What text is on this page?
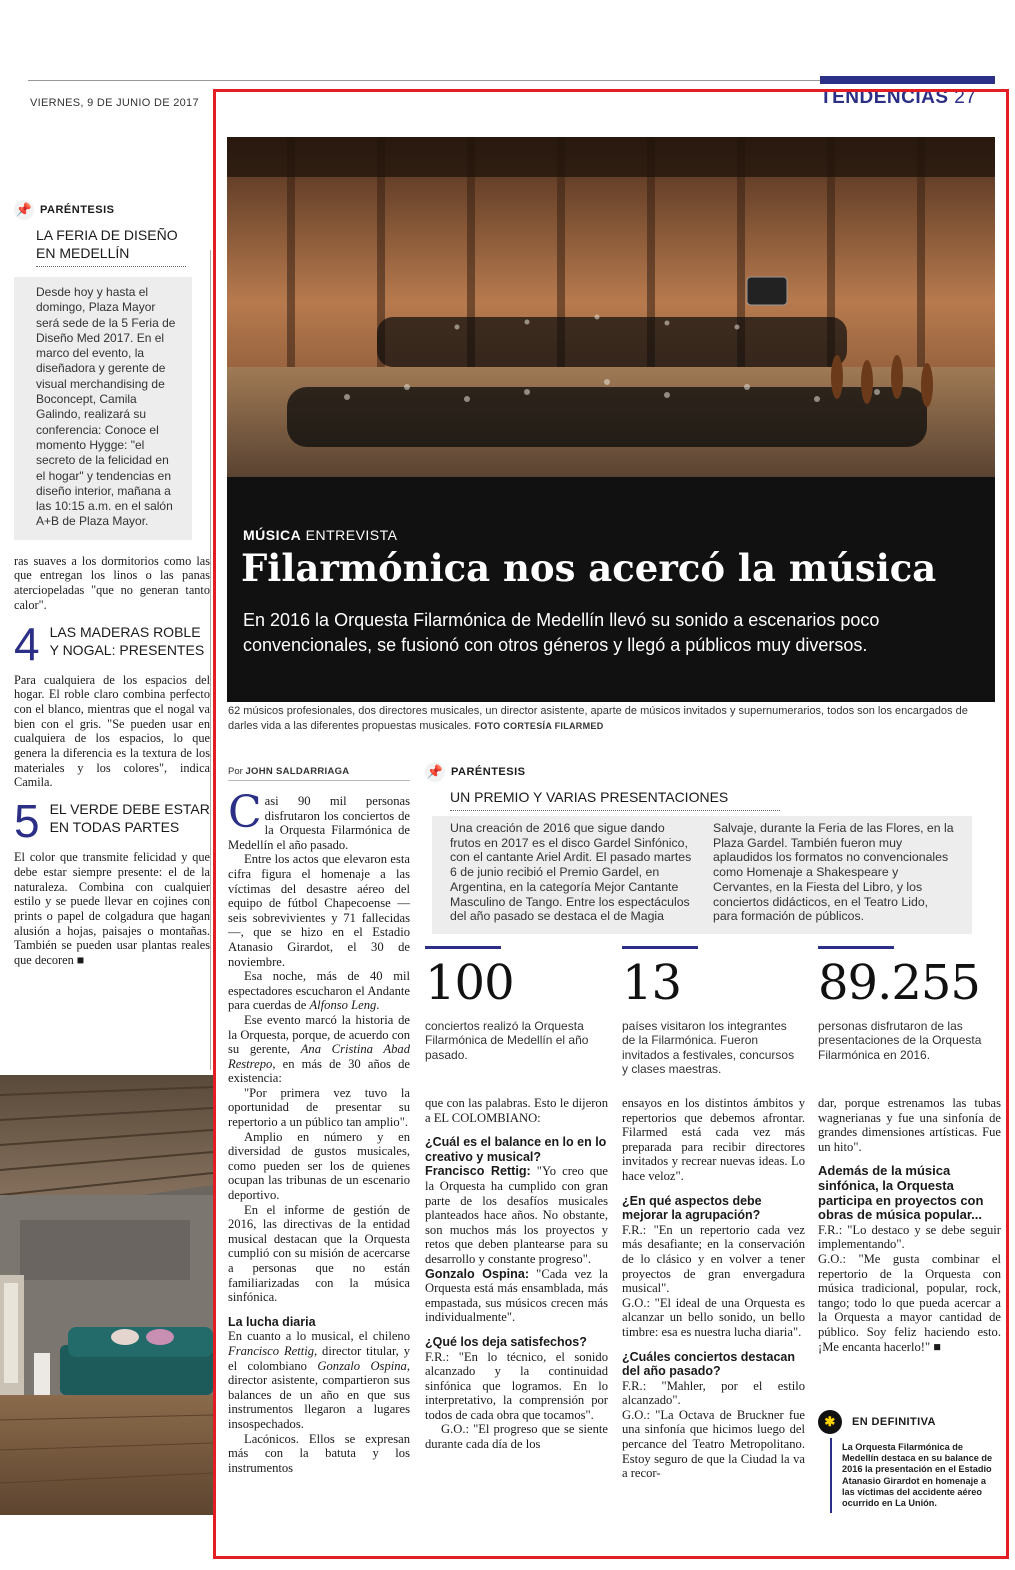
VIERNES, 9 DE JUNIO DE 2017	TENDENCIAS 27
📌 PARÉNTESIS
LA FERIA DE DISEÑO EN MEDELLÍN
Desde hoy y hasta el domingo, Plaza Mayor será sede de la 5 Feria de Diseño Med 2017. En el marco del evento, la diseñadora y gerente de visual merchandising de Boconcept, Camila Galindo, realizará su conferencia: Conoce el momento Hygge: "el secreto de la felicidad en el hogar" y tendencias en diseño interior, mañana a las 10:15 a.m. en el salón A+B de Plaza Mayor.
ras suaves a los dormitorios como las que entregan los linos o las panas aterciopeladas "que no generan tanto calor".
4 LAS MADERAS ROBLE Y NOGAL: PRESENTES
Para cualquiera de los espacios del hogar. El roble claro combina perfecto con el blanco, mientras que el nogal va bien con el gris. "Se pueden usar en cualquiera de los espacios, lo que genera la diferencia es la textura de los materiales y los colores", indica Camila.
5 EL VERDE DEBE ESTAR EN TODAS PARTES
El color que transmite felicidad y que debe estar siempre presente: el de la naturaleza. Combina con cualquier estilo y se puede llevar en cojines con prints o papel de colgadura que hagan alusión a hojas, paisajes o montañas. También se pueden usar plantas reales que decoren ■
MÚSICA ENTREVISTA
Filarmónica nos acercó la música
En 2016 la Orquesta Filarmónica de Medellín llevó su sonido a escenarios poco convencionales, se fusionó con otros géneros y llegó a públicos muy diversos.
62 músicos profesionales, dos directores musicales, un director asistente, aparte de músicos invitados y supernumerarios, todos son los encargados de darles vida a las diferentes propuestas musicales. FOTO CORTESÍA FILARMED
Por JOHN SALDARRIAGA

Casi 90 mil personas disfrutaron los conciertos de la Orquesta Filarmónica de Medellín el año pasado.

Entre los actos que elevaron esta cifra figura el homenaje a las víctimas del desastre aéreo del equipo de fútbol Chapecoense —seis sobrevivientes y 71 fallecidas—, que se hizo en el Estadio Atanasio Girardot, el 30 de noviembre.

Esa noche, más de 40 mil espectadores escucharon el Andante para cuerdas de Alfonso Leng.

Ese evento marcó la historia de la Orquesta, porque, de acuerdo con su gerente, Ana Cristina Abad Restrepo, en más de 30 años de existencia:

"Por primera vez tuvo la oportunidad de presentar su repertorio a un público tan amplio".

Amplio en número y en diversidad de gustos musicales, como pueden ser los de quienes ocupan las tribunas de un escenario deportivo.

En el informe de gestión de 2016, las directivas de la entidad musical destacan que la Orquesta cumplió con su misión de acercarse a personas que no están familiarizadas con la música sinfónica.

La lucha diaria

En cuanto a lo musical, el chileno Francisco Rettig, director titular, y el colombiano Gonzalo Ospina, director asistente, compartieron sus balances de un año en que sus instrumentos llegaron a lugares insospechados.

Lacónicos. Ellos se expresan más con la batuta y los instrumentos

📌 PARÉNTESIS
UN PREMIO Y VARIAS PRESENTACIONES
Una creación de 2016 que sigue dando frutos en 2017 es el disco Gardel Sinfónico, con el cantante Ariel Ardit. El pasado martes 6 de junio recibió el Premio Gardel, en Argentina, en la categoría Mejor Cantante Masculino de Tango. Entre los espectáculos del año pasado se destaca el de Magia Salvaje, durante la Feria de las Flores, en la Plaza Gardel. También fueron muy aplaudidos los formatos no convencionales como Homenaje a Shakespeare y Cervantes, en la Fiesta del Libro, y los conciertos didácticos, en el Teatro Lido, para formación de públicos.
100
conciertos realizó la Orquesta Filarmónica de Medellín el año pasado.
13
países visitaron los integrantes de la Filarmónica. Fueron invitados a festivales, concursos y clases maestras.
89.255
personas disfrutaron de las presentaciones de la Orquesta Filarmónica en 2016.

que con las palabras. Esto le dijeron a EL COLOMBIANO:

¿Cuál es el balance en lo en lo creativo y musical?

Francisco Rettig: "Yo creo que la Orquesta ha cumplido con gran parte de los desafíos musicales planteados hace años. No obstante, son muchos más los proyectos y retos que deben plantearse para su desarrollo y constante progreso".

Gonzalo Ospina: "Cada vez la Orquesta está más ensamblada, más empastada, sus músicos crecen más individualmente".

¿Qué los deja satisfechos?

F.R.: "En lo técnico, el sonido alcanzado y la continuidad sinfónica que logramos. En lo interpretativo, la comprensión por todos de cada obra que tocamos".

G.O.: "El progreso que se siente durante cada día de los

ensayos en los distintos ámbitos y repertorios que debemos afrontar. Filarmed está cada vez más preparada para recibir directores invitados y recrear nuevas ideas. Lo hace veloz".

¿En qué aspectos debe mejorar la agrupación?

F.R.: "En un repertorio cada vez más desafiante; en la conservación de lo clásico y en volver a tener proyectos de gran envergadura musical".

G.O.: "El ideal de una Orquesta es alcanzar un bello sonido, un bello timbre: esa es nuestra lucha diaria".

¿Cuáles conciertos destacan del año pasado?

F.R.: "Mahler, por el estilo alcanzado".

G.O.: "La Octava de Bruckner fue una sinfonía que hicimos luego del percance del Teatro Metropolitano. Estoy seguro de que la Ciudad la va a recor-

dar, porque estrenamos las tubas wagnerianas y fue una sinfonía de grandes dimensiones artísticas. Fue un hito".

Además de la música sinfónica, la Orquesta participa en proyectos con obras de música popular...

F.R.: "Lo destaco y se debe seguir implementando".

G.O.: "Me gusta combinar el repertorio de la Orquesta con música tradicional, popular, rock, tango; todo lo que pueda acercar a la Orquesta a mayor cantidad de público. Soy feliz haciendo esto. ¡Me encanta hacerlo!" ■

✱	EN DEFINITIVA
La Orquesta Filarmónica de Medellín destaca en su balance de 2016 la presentación en el Estadio Atanasio Girardot en homenaje a las víctimas del accidente aéreo ocurrido en La Unión.
